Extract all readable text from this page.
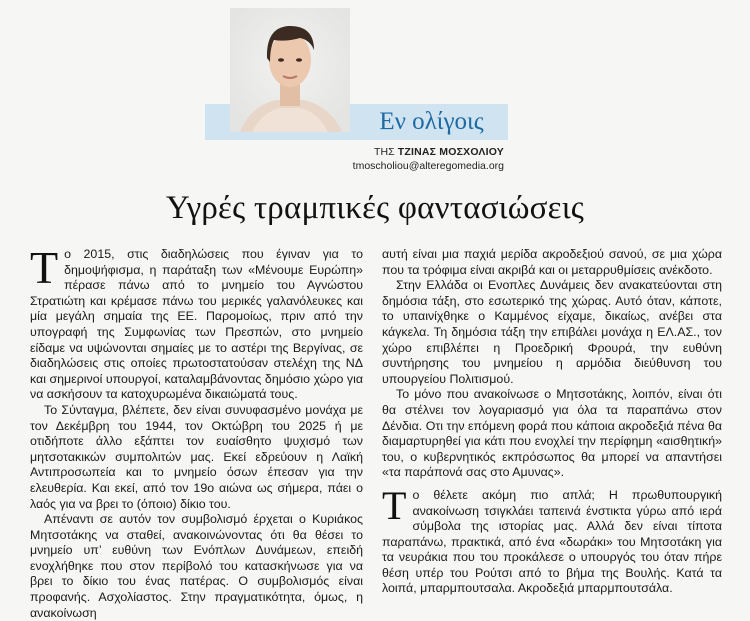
Εν ολίγοις
ΤΗΣ ΤΖΙΝΑΣ ΜΟΣΧΟΛΙΟΥ
tmoscholiou@alteregomedia.org
Υγρές τραμπικές φαντασιώσεις

Το 2015, στις διαδηλώσεις που έγιναν για το δημοψήφισμα, η παράταξη των «Μένουμε Ευρώπη» πέρασε πάνω από το μνημείο του Αγνώστου Στρατιώτη και κρέμασε πάνω του μερικές γαλανόλευκες και μία μεγάλη σημαία της ΕΕ. Παρομοίως, πριν από την υπογραφή της Συμφωνίας των Πρεσπών, στο μνημείο είδαμε να υψώνονται σημαίες με το αστέρι της Βεργίνας, σε διαδηλώσεις στις οποίες πρωτοστατούσαν στελέχη της ΝΔ και σημερινοί υπουργοί, καταλαμβάνοντας δημόσιο χώρο για να ασκήσουν τα κατοχυρωμένα δικαιώματά τους.

Το Σύνταγμα, βλέπετε, δεν είναι συνυφασμένο μονάχα με τον Δεκέμβρη του 1944, τον Οκτώβρη του 2025 ή με οτιδήποτε άλλο εξάπτει τον ευαίσθητο ψυχισμό των μητσοτακικών συμπολιτών μας. Εκεί εδρεύουν η Λαϊκή Αντιπροσωπεία και το μνημείο όσων έπεσαν για την ελευθερία. Και εκεί, από τον 19ο αιώνα ως σήμερα, πάει ο λαός για να βρει το (όποιο) δίκιο του.

Απέναντι σε αυτόν τον συμβολισμό έρχεται ο Κυριάκος Μητσοτάκης να σταθεί, ανακοινώνοντας ότι θα θέσει το μνημείο υπ’ ευθύνη των Ενόπλων Δυνάμεων, επειδή ενοχλήθηκε που στον περίβολό του κατασκήνωσε για να βρει το δίκιο του ένας πατέρας. Ο συμβολισμός είναι προφανής. Ασχολίαστος. Στην πραγματικότητα, όμως, η ανακοίνωση

αυτή είναι μια παχιά μερίδα ακροδεξιού σανού, σε μια χώρα που τα τρόφιμα είναι ακριβά και οι μεταρρυθμίσεις ανέκδοτο.

Στην Ελλάδα οι Ενοπλες Δυνάμεις δεν ανακατεύονται στη δημόσια τάξη, στο εσωτερικό της χώρας. Αυτό όταν, κάποτε, το υπαινίχθηκε ο Καμμένος είχαμε, δικαίως, ανέβει στα κάγκελα. Τη δημόσια τάξη την επιβάλει μονάχα η ΕΛ.ΑΣ., τον χώρο επιβλέπει η Προεδρική Φρουρά, την ευθύνη συντήρησης του μνημείου η αρμόδια διεύθυνση του υπουργείου Πολιτισμού.

Το μόνο που ανακοίνωσε ο Μητσοτάκης, λοιπόν, είναι ότι θα στέλνει τον λογαριασμό για όλα τα παραπάνω στον Δένδια. Οτι την επόμενη φορά που κάποια ακροδεξιά πένα θα διαμαρτυρηθεί για κάτι που ενοχλεί την περίφημη «αισθητική» του, ο κυβερνητικός εκπρόσωπος θα μπορεί να απαντήσει «τα παράπονά σας στο Αμυνας».

Το θέλετε ακόμη πιο απλά; Η πρωθυπουργική ανακοίνωση τσιγκλάει ταπεινά ένστικτα γύρω από ιερά σύμβολα της ιστορίας μας. Αλλά δεν είναι τίποτα παραπάνω, πρακτικά, από ένα «δωράκι» του Μητσοτάκη για τα νευράκια που του προκάλεσε ο υπουργός του όταν πήρε θέση υπέρ του Ρούτσι από το βήμα της Βουλής. Κατά τα λοιπά, μπαρμπουτσαλα. Ακροδεξιά μπαρμπουτσάλα.
